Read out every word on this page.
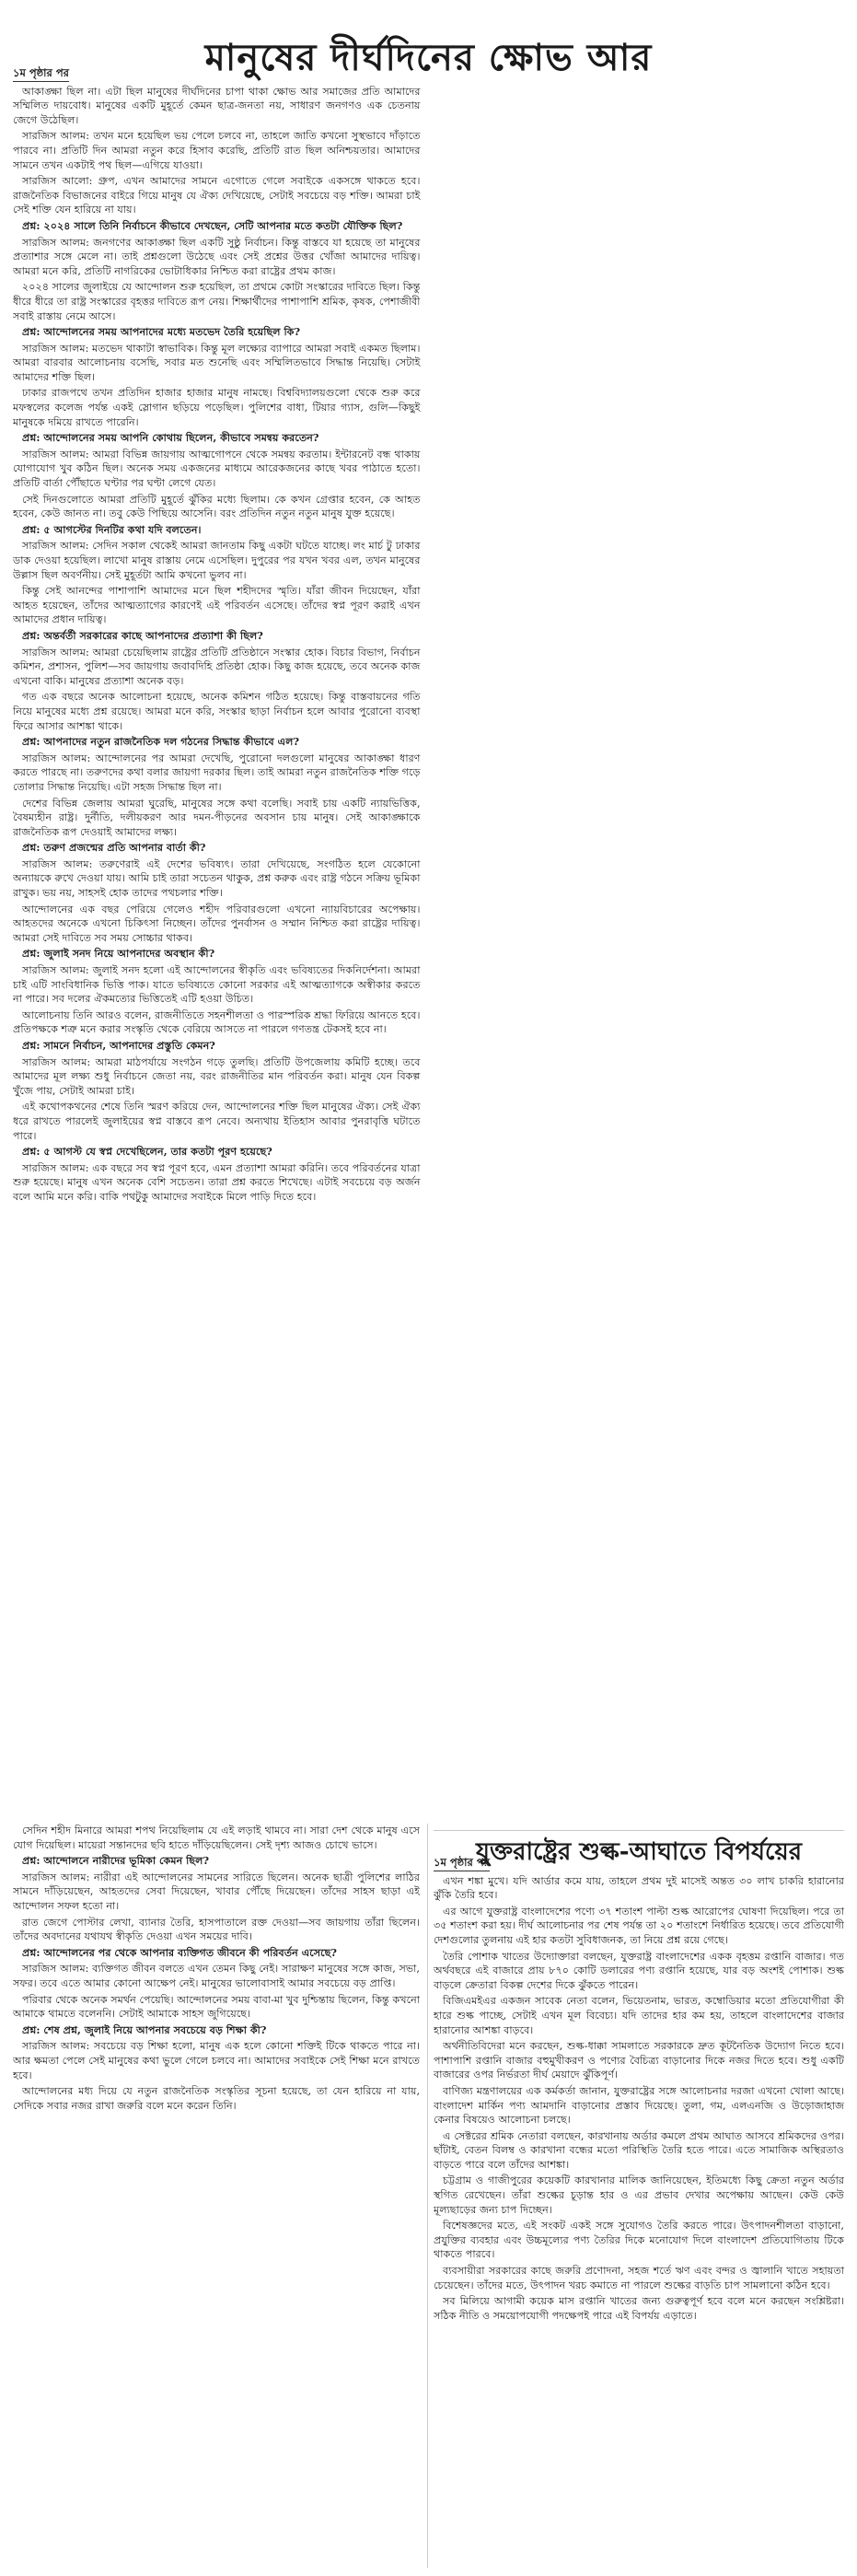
মানুষের দীর্ঘদিনের ক্ষোভ আর
১ম পৃষ্ঠার পর

আকাঙ্ক্ষা ছিল না। এটা ছিল মানুষের দীর্ঘদিনের চাপা থাকা ক্ষোভ আর সমাজের প্রতি আমাদের সম্মিলিত দায়বোধ। মানুষের একটি মুহূর্তে কেমন ছাত্র-জনতা নয়, সাধারণ জনগণও এক চেতনায় জেগে উঠেছিল।

সারজিস আলম: তখন মনে হয়েছিল ভয় পেলে চলবে না, তাহলে জাতি কখনো সুস্থভাবে দাঁড়াতে পারবে না। প্রতিটি দিন আমরা নতুন করে হিসাব করেছি, প্রতিটি রাত ছিল অনিশ্চয়তার। আমাদের সামনে তখন একটাই পথ ছিল—এগিয়ে যাওয়া।

সারজিস আলো: গ্রুপ, এখন আমাদের সামনে এগোতে গেলে সবাইকে একসঙ্গে থাকতে হবে। রাজনৈতিক বিভাজনের বাইরে গিয়ে মানুষ যে ঐক্য দেখিয়েছে, সেটাই সবচেয়ে বড় শক্তি। আমরা চাই সেই শক্তি যেন হারিয়ে না যায়।

প্রশ্ন: ২০২৪ সালে তিনি নির্বাচনে কীভাবে দেখছেন, সেটি আপনার মতে কতটা যৌক্তিক ছিল?

সারজিস আলম: জনগণের আকাঙ্ক্ষা ছিল একটি সুষ্ঠু নির্বাচন। কিন্তু বাস্তবে যা হয়েছে তা মানুষের প্রত্যাশার সঙ্গে মেলে না। তাই প্রশ্নগুলো উঠেছে এবং সেই প্রশ্নের উত্তর খোঁজা আমাদের দায়িত্ব। আমরা মনে করি, প্রতিটি নাগরিকের ভোটাধিকার নিশ্চিত করা রাষ্ট্রের প্রথম কাজ।

২০২৪ সালের জুলাইয়ে যে আন্দোলন শুরু হয়েছিল, তা প্রথমে কোটা সংস্কারের দাবিতে ছিল। কিন্তু ধীরে ধীরে তা রাষ্ট্র সংস্কারের বৃহত্তর দাবিতে রূপ নেয়। শিক্ষার্থীদের পাশাপাশি শ্রমিক, কৃষক, পেশাজীবী সবাই রাস্তায় নেমে আসে।

প্রশ্ন: আন্দোলনের সময় আপনাদের মধ্যে মতভেদ তৈরি হয়েছিল কি?

সারজিস আলম: মতভেদ থাকাটা স্বাভাবিক। কিন্তু মূল লক্ষ্যের ব্যাপারে আমরা সবাই একমত ছিলাম। আমরা বারবার আলোচনায় বসেছি, সবার মত শুনেছি এবং সম্মিলিতভাবে সিদ্ধান্ত নিয়েছি। সেটাই আমাদের শক্তি ছিল।

ঢাকার রাজপথে তখন প্রতিদিন হাজার হাজার মানুষ নামছে। বিশ্ববিদ্যালয়গুলো থেকে শুরু করে মফস্বলের কলেজ পর্যন্ত একই স্লোগান ছড়িয়ে পড়েছিল। পুলিশের বাধা, টিয়ার গ্যাস, গুলি—কিছুই মানুষকে দমিয়ে রাখতে পারেনি।

প্রশ্ন: আন্দোলনের সময় আপনি কোথায় ছিলেন, কীভাবে সমন্বয় করতেন?

সারজিস আলম: আমরা বিভিন্ন জায়গায় আত্মগোপনে থেকে সমন্বয় করতাম। ইন্টারনেট বন্ধ থাকায় যোগাযোগ খুব কঠিন ছিল। অনেক সময় একজনের মাধ্যমে আরেকজনের কাছে খবর পাঠাতে হতো। প্রতিটি বার্তা পৌঁছাতে ঘণ্টার পর ঘণ্টা লেগে যেত।

সেই দিনগুলোতে আমরা প্রতিটি মুহূর্তে ঝুঁকির মধ্যে ছিলাম। কে কখন গ্রেপ্তার হবেন, কে আহত হবেন, কেউ জানত না। তবু কেউ পিছিয়ে আসেনি। বরং প্রতিদিন নতুন নতুন মানুষ যুক্ত হয়েছে।

প্রশ্ন: ৫ আগস্টের দিনটির কথা যদি বলতেন।

সারজিস আলম: সেদিন সকাল থেকেই আমরা জানতাম কিছু একটা ঘটতে যাচ্ছে। লং মার্চ টু ঢাকার ডাক দেওয়া হয়েছিল। লাখো মানুষ রাস্তায় নেমে এসেছিল। দুপুরের পর যখন খবর এল, তখন মানুষের উল্লাস ছিল অবর্ণনীয়। সেই মুহূর্তটা আমি কখনো ভুলব না।

কিন্তু সেই আনন্দের পাশাপাশি আমাদের মনে ছিল শহীদদের স্মৃতি। যাঁরা জীবন দিয়েছেন, যাঁরা আহত হয়েছেন, তাঁদের আত্মত্যাগের কারণেই এই পরিবর্তন এসেছে। তাঁদের স্বপ্ন পূরণ করাই এখন আমাদের প্রধান দায়িত্ব।

প্রশ্ন: অন্তর্বর্তী সরকারের কাছে আপনাদের প্রত্যাশা কী ছিল?

সারজিস আলম: আমরা চেয়েছিলাম রাষ্ট্রের প্রতিটি প্রতিষ্ঠানে সংস্কার হোক। বিচার বিভাগ, নির্বাচন কমিশন, প্রশাসন, পুলিশ—সব জায়গায় জবাবদিহি প্রতিষ্ঠা হোক। কিছু কাজ হয়েছে, তবে অনেক কাজ এখনো বাকি। মানুষের প্রত্যাশা অনেক বড়।

গত এক বছরে অনেক আলোচনা হয়েছে, অনেক কমিশন গঠিত হয়েছে। কিন্তু বাস্তবায়নের গতি নিয়ে মানুষের মধ্যে প্রশ্ন রয়েছে। আমরা মনে করি, সংস্কার ছাড়া নির্বাচন হলে আবার পুরোনো ব্যবস্থা ফিরে আসার আশঙ্কা থাকে।

প্রশ্ন: আপনাদের নতুন রাজনৈতিক দল গঠনের সিদ্ধান্ত কীভাবে এল?

সারজিস আলম: আন্দোলনের পর আমরা দেখেছি, পুরোনো দলগুলো মানুষের আকাঙ্ক্ষা ধারণ করতে পারছে না। তরুণদের কথা বলার জায়গা দরকার ছিল। তাই আমরা নতুন রাজনৈতিক শক্তি গড়ে তোলার সিদ্ধান্ত নিয়েছি। এটা সহজ সিদ্ধান্ত ছিল না।

দেশের বিভিন্ন জেলায় আমরা ঘুরেছি, মানুষের সঙ্গে কথা বলেছি। সবাই চায় একটি ন্যায়ভিত্তিক, বৈষম্যহীন রাষ্ট্র। দুর্নীতি, দলীয়করণ আর দমন-পীড়নের অবসান চায় মানুষ। সেই আকাঙ্ক্ষাকে রাজনৈতিক রূপ দেওয়াই আমাদের লক্ষ্য।

প্রশ্ন: তরুণ প্রজন্মের প্রতি আপনার বার্তা কী?

সারজিস আলম: তরুণেরাই এই দেশের ভবিষ্যৎ। তারা দেখিয়েছে, সংগঠিত হলে যেকোনো অন্যায়কে রুখে দেওয়া যায়। আমি চাই তারা সচেতন থাকুক, প্রশ্ন করুক এবং রাষ্ট্র গঠনে সক্রিয় ভূমিকা রাখুক। ভয় নয়, সাহসই হোক তাদের পথচলার শক্তি।

আন্দোলনের এক বছর পেরিয়ে গেলেও শহীদ পরিবারগুলো এখনো ন্যায়বিচারের অপেক্ষায়। আহতদের অনেকে এখনো চিকিৎসা নিচ্ছেন। তাঁদের পুনর্বাসন ও সম্মান নিশ্চিত করা রাষ্ট্রের দায়িত্ব। আমরা সেই দাবিতে সব সময় সোচ্চার থাকব।

প্রশ্ন: জুলাই সনদ নিয়ে আপনাদের অবস্থান কী?

সারজিস আলম: জুলাই সনদ হলো এই আন্দোলনের স্বীকৃতি এবং ভবিষ্যতের দিকনির্দেশনা। আমরা চাই এটি সাংবিধানিক ভিত্তি পাক। যাতে ভবিষ্যতে কোনো সরকার এই আত্মত্যাগকে অস্বীকার করতে না পারে। সব দলের ঐকমত্যের ভিত্তিতেই এটি হওয়া উচিত।

আলোচনায় তিনি আরও বলেন, রাজনীতিতে সহনশীলতা ও পারস্পরিক শ্রদ্ধা ফিরিয়ে আনতে হবে। প্রতিপক্ষকে শত্রু মনে করার সংস্কৃতি থেকে বেরিয়ে আসতে না পারলে গণতন্ত্র টেকসই হবে না।

প্রশ্ন: সামনে নির্বাচন, আপনাদের প্রস্তুতি কেমন?

সারজিস আলম: আমরা মাঠপর্যায়ে সংগঠন গড়ে তুলছি। প্রতিটি উপজেলায় কমিটি হচ্ছে। তবে আমাদের মূল লক্ষ্য শুধু নির্বাচনে জেতা নয়, বরং রাজনীতির মান পরিবর্তন করা। মানুষ যেন বিকল্প খুঁজে পায়, সেটাই আমরা চাই।

এই কথোপকথনের শেষে তিনি স্মরণ করিয়ে দেন, আন্দোলনের শক্তি ছিল মানুষের ঐক্য। সেই ঐক্য ধরে রাখতে পারলেই জুলাইয়ের স্বপ্ন বাস্তবে রূপ নেবে। অন্যথায় ইতিহাস আবার পুনরাবৃত্তি ঘটাতে পারে।

প্রশ্ন: ৫ আগস্ট যে স্বপ্ন দেখেছিলেন, তার কতটা পূরণ হয়েছে?

সারজিস আলম: এক বছরে সব স্বপ্ন পূরণ হবে, এমন প্রত্যাশা আমরা করিনি। তবে পরিবর্তনের যাত্রা শুরু হয়েছে। মানুষ এখন অনেক বেশি সচেতন। তারা প্রশ্ন করতে শিখেছে। এটাই সবচেয়ে বড় অর্জন বলে আমি মনে করি। বাকি পথটুকু আমাদের সবাইকে মিলে পাড়ি দিতে হবে।

সেদিন শহীদ মিনারে আমরা শপথ নিয়েছিলাম যে এই লড়াই থামবে না। সারা দেশ থেকে মানুষ এসে যোগ দিয়েছিল। মায়েরা সন্তানদের ছবি হাতে দাঁড়িয়েছিলেন। সেই দৃশ্য আজও চোখে ভাসে।

প্রশ্ন: আন্দোলনে নারীদের ভূমিকা কেমন ছিল?

সারজিস আলম: নারীরা এই আন্দোলনের সামনের সারিতে ছিলেন। অনেক ছাত্রী পুলিশের লাঠির সামনে দাঁড়িয়েছেন, আহতদের সেবা দিয়েছেন, খাবার পৌঁছে দিয়েছেন। তাঁদের সাহস ছাড়া এই আন্দোলন সফল হতো না।

রাত জেগে পোস্টার লেখা, ব্যানার তৈরি, হাসপাতালে রক্ত দেওয়া—সব জায়গায় তাঁরা ছিলেন। তাঁদের অবদানের যথাযথ স্বীকৃতি দেওয়া এখন সময়ের দাবি।

প্রশ্ন: আন্দোলনের পর থেকে আপনার ব্যক্তিগত জীবনে কী পরিবর্তন এসেছে?

সারজিস আলম: ব্যক্তিগত জীবন বলতে এখন তেমন কিছু নেই। সারাক্ষণ মানুষের সঙ্গে কাজ, সভা, সফর। তবে এতে আমার কোনো আক্ষেপ নেই। মানুষের ভালোবাসাই আমার সবচেয়ে বড় প্রাপ্তি।

পরিবার থেকে অনেক সমর্থন পেয়েছি। আন্দোলনের সময় বাবা-মা খুব দুশ্চিন্তায় ছিলেন, কিন্তু কখনো আমাকে থামতে বলেননি। সেটাই আমাকে সাহস জুগিয়েছে।

প্রশ্ন: শেষ প্রশ্ন, জুলাই নিয়ে আপনার সবচেয়ে বড় শিক্ষা কী?

সারজিস আলম: সবচেয়ে বড় শিক্ষা হলো, মানুষ এক হলে কোনো শক্তিই টিকে থাকতে পারে না। আর ক্ষমতা পেলে সেই মানুষের কথা ভুলে গেলে চলবে না। আমাদের সবাইকে সেই শিক্ষা মনে রাখতে হবে।

আন্দোলনের মধ্য দিয়ে যে নতুন রাজনৈতিক সংস্কৃতির সূচনা হয়েছে, তা যেন হারিয়ে না যায়, সেদিকে সবার নজর রাখা জরুরি বলে মনে করেন তিনি।

যুক্তরাষ্ট্রের শুল্ক-আঘাতে বিপর্যয়ের
১ম পৃষ্ঠার পর

এখন শঙ্কা মুখে। যদি আর্ডার কমে যায়, তাহলে প্রথম দুই মাসেই অন্তত ৩০ লাখ চাকরি হারানোর ঝুঁকি তৈরি হবে।

এর আগে যুক্তরাষ্ট্র বাংলাদেশের পণ্যে ৩৭ শতাংশ পাল্টা শুল্ক আরোপের ঘোষণা দিয়েছিল। পরে তা ৩৫ শতাংশ করা হয়। দীর্ঘ আলোচনার পর শেষ পর্যন্ত তা ২০ শতাংশে নির্ধারিত হয়েছে। তবে প্রতিযোগী দেশগুলোর তুলনায় এই হার কতটা সুবিধাজনক, তা নিয়ে প্রশ্ন রয়ে গেছে।

তৈরি পোশাক খাতের উদ্যোক্তারা বলছেন, যুক্তরাষ্ট্র বাংলাদেশের একক বৃহত্তম রপ্তানি বাজার। গত অর্থবছরে এই বাজারে প্রায় ৮৭০ কোটি ডলারের পণ্য রপ্তানি হয়েছে, যার বড় অংশই পোশাক। শুল্ক বাড়লে ক্রেতারা বিকল্প দেশের দিকে ঝুঁকতে পারেন।

বিজিএমইএর একজন সাবেক নেতা বলেন, ভিয়েতনাম, ভারত, কম্বোডিয়ার মতো প্রতিযোগীরা কী হারে শুল্ক পাচ্ছে, সেটাই এখন মূল বিবেচ্য। যদি তাদের হার কম হয়, তাহলে বাংলাদেশের বাজার হারানোর আশঙ্কা বাড়বে।

অর্থনীতিবিদেরা মনে করছেন, শুল্ক-ধাক্কা সামলাতে সরকারকে দ্রুত কূটনৈতিক উদ্যোগ নিতে হবে। পাশাপাশি রপ্তানি বাজার বহুমুখীকরণ ও পণ্যের বৈচিত্র্য বাড়ানোর দিকে নজর দিতে হবে। শুধু একটি বাজারের ওপর নির্ভরতা দীর্ঘ মেয়াদে ঝুঁকিপূর্ণ।

বাণিজ্য মন্ত্রণালয়ের এক কর্মকর্তা জানান, যুক্তরাষ্ট্রের সঙ্গে আলোচনার দরজা এখনো খোলা আছে। বাংলাদেশ মার্কিন পণ্য আমদানি বাড়ানোর প্রস্তাব দিয়েছে। তুলা, গম, এলএনজি ও উড়োজাহাজ কেনার বিষয়েও আলোচনা চলছে।

এ সেক্টরের শ্রমিক নেতারা বলছেন, কারখানায় অর্ডার কমলে প্রথম আঘাত আসবে শ্রমিকদের ওপর। ছাঁটাই, বেতন বিলম্ব ও কারখানা বন্ধের মতো পরিস্থিতি তৈরি হতে পারে। এতে সামাজিক অস্থিরতাও বাড়তে পারে বলে তাঁদের আশঙ্কা।

চট্টগ্রাম ও গাজীপুরের কয়েকটি কারখানার মালিক জানিয়েছেন, ইতিমধ্যে কিছু ক্রেতা নতুন অর্ডার স্থগিত রেখেছেন। তাঁরা শুল্কের চূড়ান্ত হার ও এর প্রভাব দেখার অপেক্ষায় আছেন। কেউ কেউ মূল্যছাড়ের জন্য চাপ দিচ্ছেন।

বিশেষজ্ঞদের মতে, এই সংকট একই সঙ্গে সুযোগও তৈরি করতে পারে। উৎপাদনশীলতা বাড়ানো, প্রযুক্তির ব্যবহার এবং উচ্চমূল্যের পণ্য তৈরির দিকে মনোযোগ দিলে বাংলাদেশ প্রতিযোগিতায় টিকে থাকতে পারবে।

ব্যবসায়ীরা সরকারের কাছে জরুরি প্রণোদনা, সহজ শর্তে ঋণ এবং বন্দর ও জ্বালানি খাতে সহায়তা চেয়েছেন। তাঁদের মতে, উৎপাদন খরচ কমাতে না পারলে শুল্কের বাড়তি চাপ সামলানো কঠিন হবে।

সব মিলিয়ে আগামী কয়েক মাস রপ্তানি খাতের জন্য গুরুত্বপূর্ণ হবে বলে মনে করছেন সংশ্লিষ্টরা। সঠিক নীতি ও সময়োপযোগী পদক্ষেপই পারে এই বিপর্যয় এড়াতে।
